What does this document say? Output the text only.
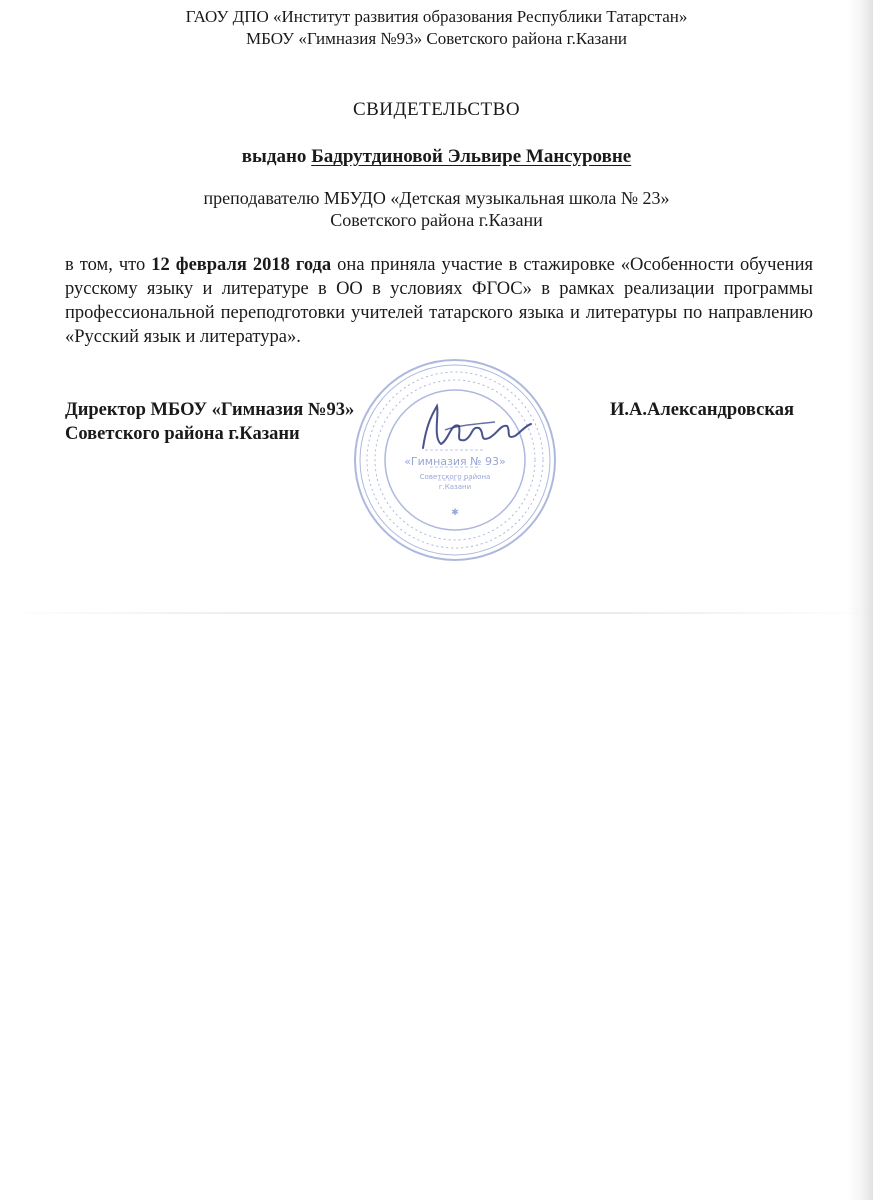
ГАОУ ДПО «Институт развития образования Республики Татарстан»
МБОУ «Гимназия №93» Советского района г.Казани
СВИДЕТЕЛЬСТВО
выдано Бадрутдиновой Эльвире Мансуровне
преподавателю МБУДО «Детская музыкальная школа № 23»
Советского района г.Казани
в том, что 12 февраля 2018 года она приняла участие в стажировке «Особенности обучения русскому языку и литературе в ОО в условиях ФГОС» в рамках реализации программы профессиональной переподготовки учителей татарского языка и литературы по направлению «Русский язык и литература».
«Гимназия № 93»
Советского района
г.Казани
✱
Директор МБОУ «Гимназия №93»
Советского района г.Казани
И.А.Александровская
